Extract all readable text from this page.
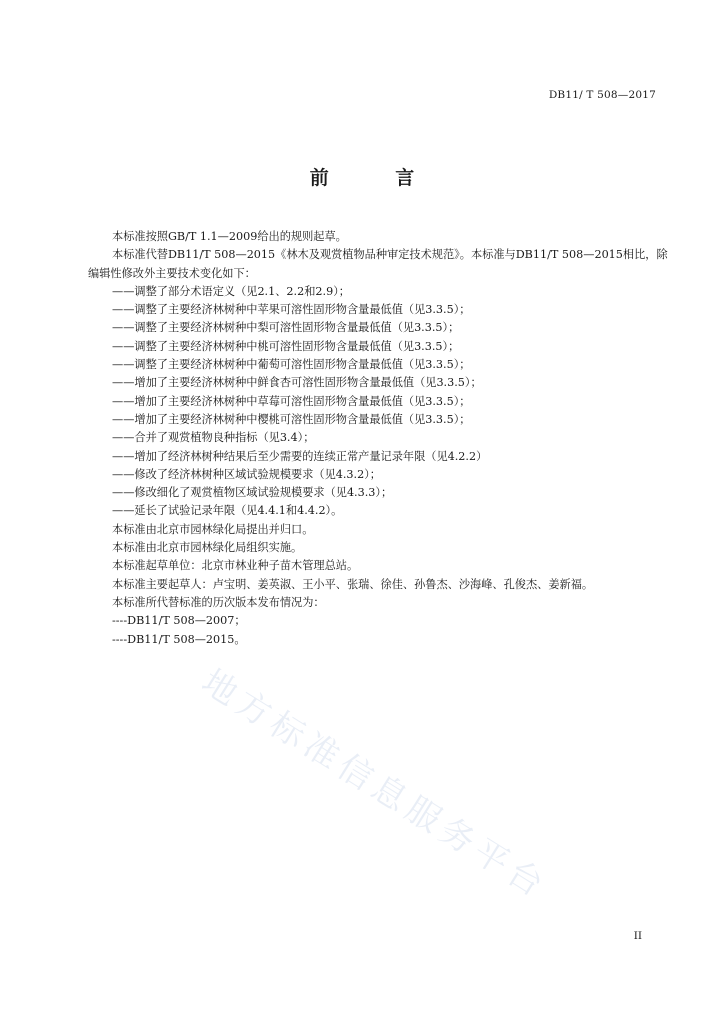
DB11/ T 508—2017
前 言

本标准按照GB/T 1.1—2009给出的规则起草。

本标准代替DB11/T 508—2015《林木及观赏植物品种审定技术规范》。本标准与DB11/T 508—2015相比，除编辑性修改外主要技术变化如下：

——调整了部分术语定义（见2.1、2.2和2.9）；

——调整了主要经济林树种中苹果可溶性固形物含量最低值（见3.3.5）；

——调整了主要经济林树种中梨可溶性固形物含量最低值（见3.3.5）；

——调整了主要经济林树种中桃可溶性固形物含量最低值（见3.3.5）；

——调整了主要经济林树种中葡萄可溶性固形物含量最低值（见3.3.5）；

——增加了主要经济林树种中鲜食杏可溶性固形物含量最低值（见3.3.5）；

——增加了主要经济林树种中草莓可溶性固形物含量最低值（见3.3.5）；

——增加了主要经济林树种中樱桃可溶性固形物含量最低值（见3.3.5）；

——合并了观赏植物良种指标（见3.4）；

——增加了经济林树种结果后至少需要的连续正常产量记录年限（见4.2.2）

——修改了经济林树种区域试验规模要求（见4.3.2）；

——修改细化了观赏植物区域试验规模要求（见4.3.3）；

——延长了试验记录年限（见4.4.1和4.4.2）。

本标准由北京市园林绿化局提出并归口。

本标准由北京市园林绿化局组织实施。

本标准起草单位：北京市林业种子苗木管理总站。

本标准主要起草人：卢宝明、姜英淑、王小平、张瑞、徐佳、孙鲁杰、沙海峰、孔俊杰、姜新福。

本标准所代替标准的历次版本发布情况为：

----DB11/T 508—2007；

----DB11/T 508—2015。

地方标准信息服务平台
II
